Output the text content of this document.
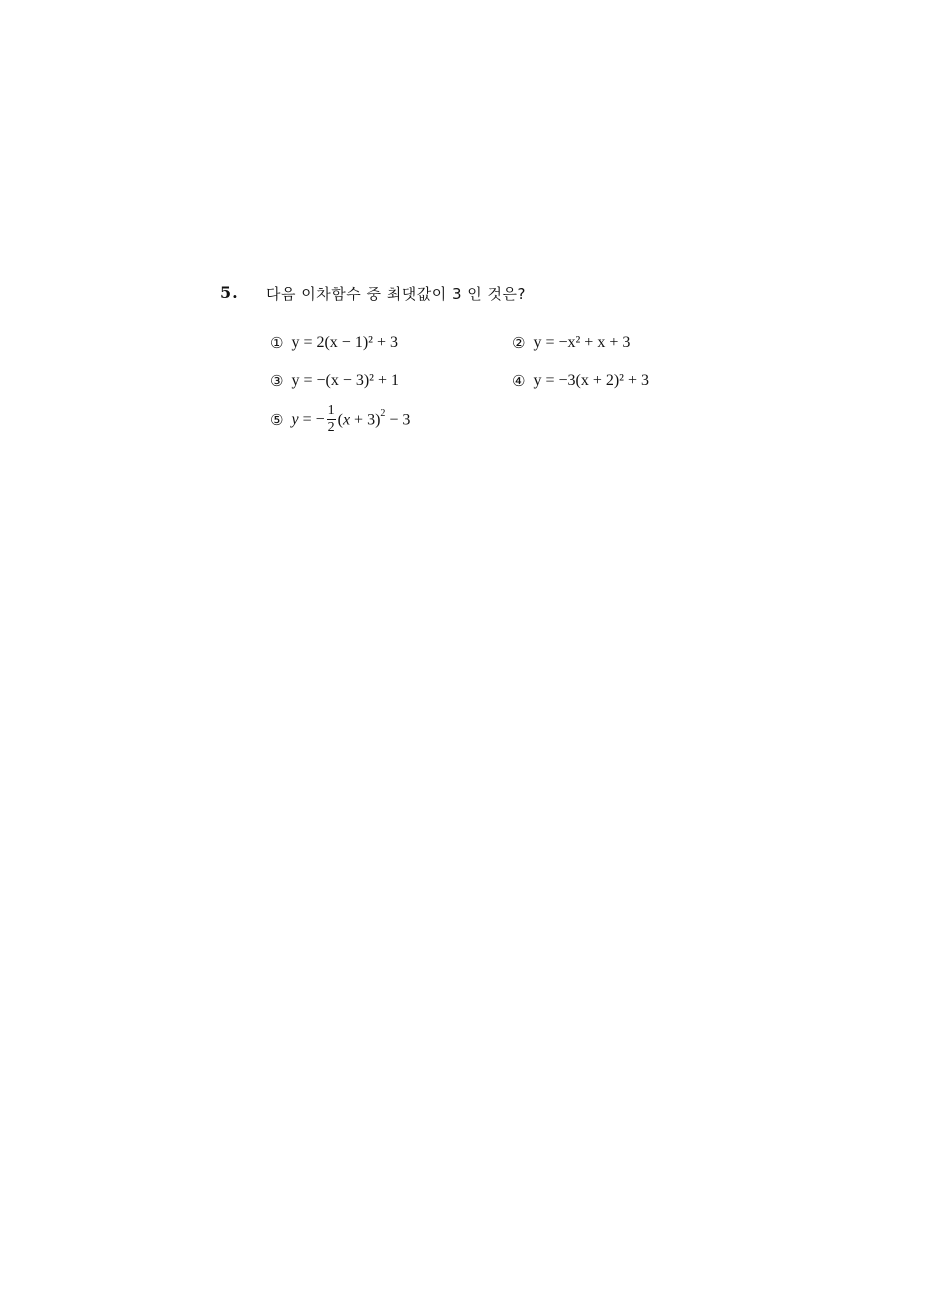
5. 다음 이차함수 중 최댓값이 3 인 것은?
① y = 2(x − 1)² + 3	② y = −x² + x + 3
③ y = −(x − 3)² + 1	④ y = −3(x + 2)² + 3
⑤ y = − $\frac{1}{2} (x + 3)^2 - 3$
